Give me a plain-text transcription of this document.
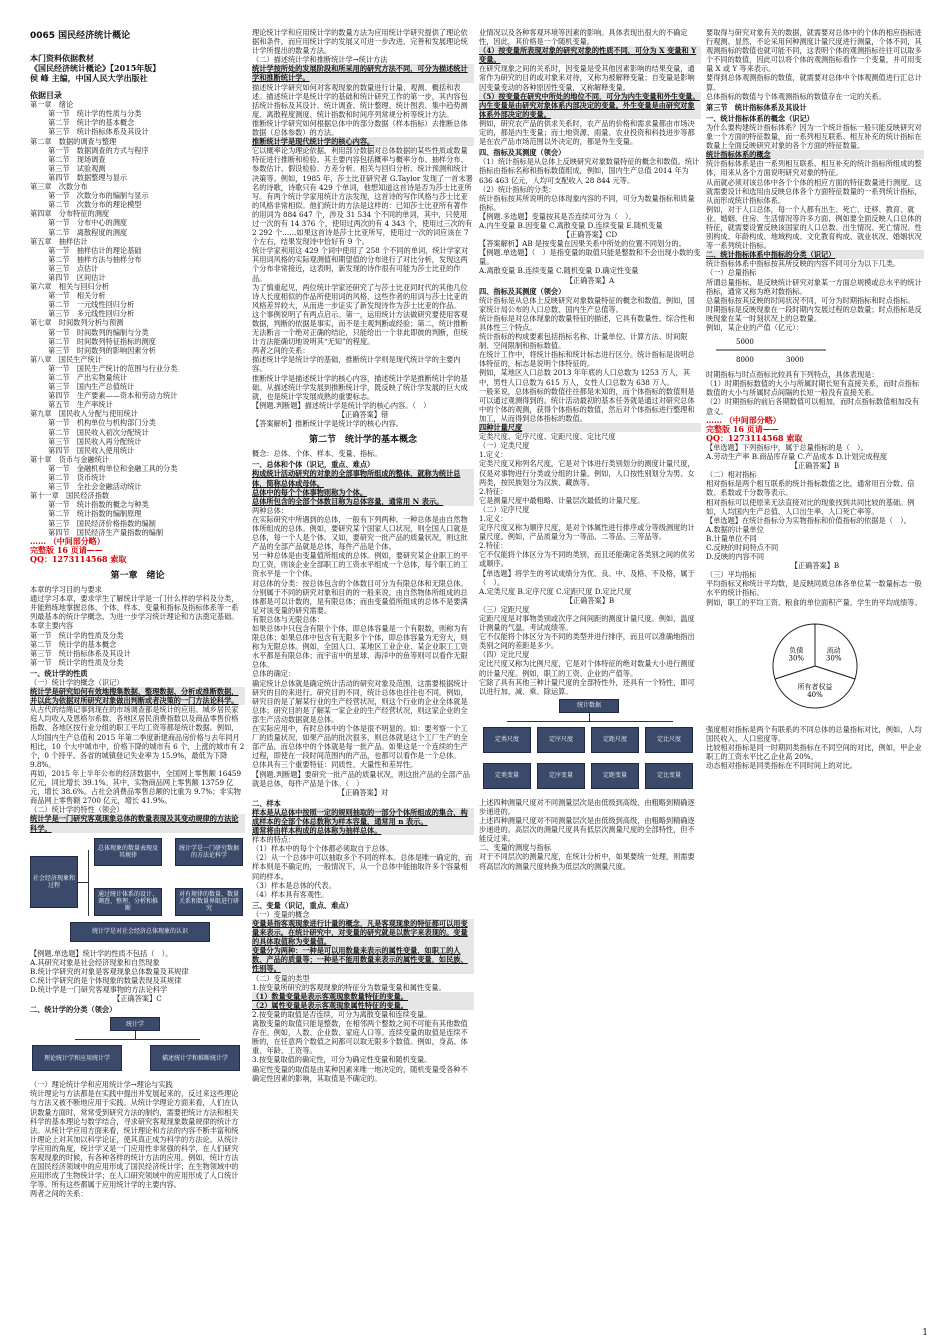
0065 国民经济统计概论
本门资料依据教材
《国民经济统计概论》【2015年版】
侯 峰 主编，中国人民大学出版社
依据目录
第一章　绪论
第一节　统计学的性质与分类
第二节　统计学的基本概念
第三节　统计指标体系及其设计
第二章　数据的调查与整理
第一节　数据调查的方式与程序
第二节　现场调查
第三节　试验观测
第四节　数据整理与显示
第三章　次数分布
第一节　次数分布的编制与显示
第二节　次数分布的理论模型
第四章　分布特征的测度
第一节　分布中心的测度
第二节　离散程度的测度
第五章　抽样估计
第一节　抽样估计的理论基础
第二节　抽样方法与抽样分布
第三节　点估计
第四节　区间估计
第六章　相关与回归分析
第一节　相关分析
第二节　一元线性回归分析
第三节　多元线性回归分析
第七章　时间数列分析与预测
第一节　时间数列的编制与分类
第二节　时间数列特征指标的测度
第三节　时间数列的影响因素分析
第八章　国民生产统计
第一节　国民生产统计的范围与行业分类
第二节　产出实物量统计
第三节　国内生产总值统计
第四节　生产要素——资本和劳动力统计
第五节　生产率统计
第九章　国民收入分配与使用统计
第一节　机构单位与机构部门分类
第二节　国民收入初次分配统计
第三节　国民收入再分配统计
第四节　国民收入使用统计
第十章　货币与金融统计
第一节　金融机构单位和金融工具的分类
第二节　货币统计
第三节　全社会金融活动统计
第十一章　国民经济指数
第一节　统计指数的概念与种类
第二节　统计指数的编制原理
第三节　国民经济价格指数的编制
第四节　国民经济生产量指数的编制
…… （中间部分略）
完整版 16 页请——
QQ：1273114568 索取
第一章　绪论
本章的学习目的与要求
通过学习本章，要求学生了解统计学是一门什么样的学科及分类，并能熟练地掌握总体、个体、样本、变量和指标及指标体系等一系列最基本的统计学概念，为进一步学习统计理论和方法奠定基础。
本章主要内容
第一节　统计学的性质及分类
第二节　统计学的基本概念
第三节　统计指标体系及其设计
第一节　统计学的性质及分类
一、统计学的性质
（一）统计学的概念（识记）
统计学是研究如何有效地搜集数据、整理数据、分析或推断数据，并以此为依据对所研究对象做出判断或者决策的一门方法论科学。

从古代的结绳记事到现在的市场调查都是统计的应用。城乡居民家庭人均收入及恩格尔系数、各地区居民消费指数以及商品零售价格指数、各地区按行业分组的职工平均工资等都是统计数据。例如，人均国内生产总值和 2015 年第二季度新建商品房价格与去年同月相比，10 个大中城市中，价格下降的城市有 6 个，上涨的城市有 2 个，0 个持平。各省的城镇登记失业率为 15.9%，最低为下降 9.8%。

再如，2015 年上半年公布的经济数据中，全国网上零售额 16459 亿元，同比增长 39.1%。其中，实物商品网上零售额 13759 亿元，增长 38.6%。占社会消费品零售总额的比重为 9.7%；非实物商品网上零售额 2700 亿元，增长 41.9%。

（二）统计学的特性（领会）
统计学是一门研究客观现象总体的数量表现及其变动规律的方法论科学。
社会经济现象和过程
总体现象的数量表现及其规律
统计学是一门研究数据的方法论科学
通过统计体系的设计、调查、整理、分析和推断
对有规律的数量、数量关系和数量界限进行研究
统计学是对社会经济总体现象的认识
【例题.单选题】统计学的性质不包括（　）。
A.其研究对象是社会经济现象和自然现象
B.统计学研究的对象是客观现象总体数量及其规律
C.统计学研究的是个体现象的数量表现及其规律
D.统计学是一门研究客观事物的方法论科学
【正确答案】C
二、统计学的分类（领会）
统计学
理论统计学和应用统计学	描述统计学和推断统计学

（一）理论统计学和应用统计学→理论与实践

统计理论与方法都是在实践中提出并发展起来的，反过来这些理论与方法又被不断地应用于实践。从统计学理论方面来看，人们在认识数量方面时，常常受到研究方法的制约，需要把统计方法和相关科学的基本理论与数学结合，寻求研究客观现象数量规律的统计方法。从统计学应用方面来看，统计理论和方法的内容不断丰富和统计理论上对其加以科学论证，使其真正成为科学的方法论。从统计学应用的角度，统计学又是一门应用性非常强的科学，在人们研究客观现象的时候，有各种各样的统计方法的应用。例如，统计方法在国民经济领域中的应用形成了国民经济统计学；在生物领域中的应用形成了生物统计学；在人口研究领域中的应用形成了人口统计学等。所有这些都属于应用统计学的主要内容。

两者之间的关系：

理论统计学和应用统计学的数量方法为应用统计学研究提供了理论依据和条件，而应用统计学的发展又可进一步改进、完善和发展理论统计学所提出的数量方法。

（二）描述统计学和推断统计学→统计方法

统计学按所处的发展阶段和所采用的研究方法不同，可分为描述统计学和推断统计学。

描述统计学研究如何对客观现象的数量进行计量、观测、概括和表述。描述统计学是统计学的基础和统计研究工作的第一步，其内容包括统计指标及其设计、统计调查、统计整理、统计图表、集中趋势测度、离散程度测度、统计指数和时间序列常规分析等统计方法。

推断统计学研究如何根据总体中的部分数据（样本指标）去推断总体数据（总体参数）的方法。

推断统计学是现代统计学的核心内容。

它以概率论为理论依据，利用部分数据对总体数据的某些性质或数量特征进行推断和检验。其主要内容包括概率与概率分布、抽样分布、参数估计、假设检验、方差分析、相关与回归分析、统计预测和统计决策等。例如，1985 年，莎士比亚研究者 G.Taylor 发现了一首未署名的诗歌，诗歌只有 429 个单词，他想知道这首诗是否为莎士比亚所写。有两个统计学家用统计方法发现，这首诗的写作风格与莎士比亚的风格非常相似。他们统计的方法是这样的：已知莎士比亚所有著作的用词为 884 647 个，涉及 31 534 个不同的单词，其中，只使用过一次的有 14 376 个，使用过两次的有 4 343 个，使用过三次的有 2 292 个……如果这首诗是莎士比亚所写，使用过一次的词应该在 7 个左右，结果发现诗中恰好有 9 个。

统计学家利用这 429 个词中使用了 258 个不同的单词，统计学家对其用词风格的实际观测值和期望值的分布进行了对比分析，发现这两个分布非常接近，这表明，新发现的诗作很有可能为莎士比亚的作品。

为了慎重起见，两位统计学家还研究了与莎士比亚同时代的其他几位诗人长度相似的作品所使用词的风格，这些作者的用词与莎士比亚的风格差异较大，从而进一步证实了新发现诗作为莎士比亚的作品。

这个事例说明了有两点启示。第一，运用统计方法做研究要使用客观数据，判断的依据是事实，而不是主观判断或经验；第二，统计推断无法断言一个绝对正确的结论，只能给出一个非此即彼的判断，但统计方法能确切地说明其“无知”的程度。

两者之间的关系：

描述统计学是统计学的基础，推断统计学则是现代统计学的主要内容。

推断统计学是描述统计学的核心内容，描述统计学是推断统计学的基础。从描述统计学发展到推断统计学，既反映了统计学发展的巨大成就，也是统计学发展成熟的重要标志。

【例题.判断题】描述统计学是统计学的核心内容。（　）

【正确答案】错

【答案解析】推断统计学是统计学的核心内容。

第二节　统计学的基本概念

概念：总体、个体、样本、变量、指标。

一、总体和个体（识记，重点、难点）
构成统计活动研究的对象的全部事物所组成的整体，就称为统计总体，简称总体或母体。
总体中的每个个体事物则称为个体。
总体所包含的全部个体数目称为总体容量，通常用 N 表示。

两种总体：

在实际研究中所遇到的总体，一般有下列两种。一种总体是由自然物体所组成的总体。例如，要研究某个国家人口状况，则全国人口就是总体，每一个人是个体。又如，要研究一批产品的质量状况，则这批产品的全部产品就是总体，每件产品是个体。

另一种总体是由变量值所组成的总体。例如，要研究某企业职工的平均工资，则该企业全部职工的工资水平组成一个总体，每个职工的工资水平是一个个体。

对总体的分类：按总体包含的个体数目可分为有限总体和无限总体。分别属于不同的研究对象和目的的一般来说，由自然物体所组成的总体都是可以计数的，是有限总体；而由变量值所组成的总体不是要满足对该变量的研究需要。

有限总体与无限总体：

如果总体中只包含有限个个体，即总体容量是一个有限数，则称为有限总体；如果总体中包含有无限多个个体，即总体容量为无穷大，则称为无限总体。例如，全国人口、某地区工业企业、某企业职工工资水平都是有限总体；而宇宙中的星球、海洋中的鱼等则可以看作无限总体。

总体的确定：

确定统计总体就是确定统计活动的研究对象及范围，这需要根据统计研究的目的来进行。研究目的不同，统计总体也往往也不同。例如，研究目的是了解某行业的生产经营状况，则这个行业的企业全体就是总体；研究目的是了解某一家企业的生产经营状况，则这家企业的全部生产活动数据就是总体。

在实际应用中，有时总体中的个体是很不明显的。如：要考察一个工厂的质量状况，如果产品的批次很多，则总体就是这个工厂生产的全部产品，而总体中的个体就是每一批产品。如果这是一个连续的生产过程，即使在一段时间范围内的产品，也都可以看作是一个总体。

总体具有三个重要特征：同质性、大量性和差异性。

【例题.判断题】要研究一批产品的质量状况，则这批产品的全部产品就是总体，每件产品是个体。（　）

【正确答案】对

二、样本
样本是从总体中按照一定的规则抽取的一部分个体所组成的集合，构成样本的全部个体总数称为样本容量，通常用 n 表示。
通常将由样本构成的总体称为抽样总体。

样本的特点：

（1）样本中的每个个体都必须取自于总体。

（2）从一个总体中可以抽取多个不同的样本。总体是唯一确定的，而样本则是不确定的，一般情况下，从一个总体中能抽取许多个容量相同的样本。

（3）样本是总体的代表。

（4）样本具有客观性。

三、变量（识记，重点、难点）

（一）变量的概念

变量是指客观现象进行计量的概念，凡是客观现象的特征都可以用变量来表示。在统计研究中，对变量的研究就是以数字来表现的。变量的具体取值称为变量值。
变量分为两种：一种是可以用数量来表示的属性变量，如职工的人数、产品的质量等；一种是不能用数量来表示的属性变量，如民族、性别等。

（二）变量的类型

1.按变量所研究的客观现象的特征分为数量变量和属性变量。

（1）数量变量是表示客观现象数量特征的变量。
（2）属性变量是表示客观现象属性特征的变量。

2.按变量的取值是否连续，可分为离散变量和连续变量。

离散变量的取值只能是整数，在相邻两个整数之间不可能有其他数值存在。例如，人数、企业数、家庭人口等。连续变量的取值是连续不断的，在任意两个数值之间都可以取无限多个数值。例如，身高、体重、年龄、工资等。

3.按变量取值的确定性，可分为确定性变量和随机变量。

确定性变量的取值是由某种因素来唯一地决定的，随机变量受各种不确定性因素的影响，其取值是不确定的。

业情况以及各种客观环境等因素的影响。具体表现出很大的不确定性，因此，其价格是一个随机变量。

（4）按变量所表现对象的研究对象的性质不同，可分为 X 变量和 Y 变量。

在研究现象之间的关系时，因变量是受其他因素影响的结果变量，通常作为研究的目的或对象来对待，又称为被解释变量；自变量是影响因变量变动的各种原因性变量，又称解释变量。

（5）按变量在研究中所处的地位不同，可分为内生变量和外生变量。
内生变量是由研究对象体系内部决定的变量。外生变量是由研究对象体系外部决定的变量。

例如，研究农产品的供求关系时，农产品的价格和需求量都由市场决定的，都是内生变量；而土地资源、雨量、农业投资和科技进步等都是在农产品市场范围以外决定的，都是外生变量。

四、指标及其测度（领会）

（1）统计指标是从总体上反映研究对象数量特征的概念和数值。统计指标由指标名称和指标数值组成，例如，国内生产总值 2014 年为 636 463 亿元，人均可支配收入 28 844 元等。

（2）统计指标的分类：

统计指标按其所说明的总体现象内容的不同，可分为数量指标和质量指标。

【例题.多选题】变量按其是否连续可分为（　）。

A.内生变量 B.因变量 C.离散变量 D.连续变量 E.随机变量

【正确答案】CD

【答案解析】AB 是按变量在因果关系中所处的位置不同划分的。

【例题.单选题】（　）是指变量的取值只能是整数和不会出现小数的变量。

A.离散变量 B.连续变量 C.随机变量 D.确定性变量

【正确答案】A

四、指标及其测度（领会）

统计指标是从总体上反映研究对象数量特征的概念和数值。例如，国家统计局公布的人口总数、国内生产总值等。

统计指标是对总体现象的数量特征的描述，它具有数量性、综合性和具体性三个特点。

统计指标的构成要素包括指标名称、计量单位、计算方法、时间限制、空间限制和指标数值。

在统计工作中，将统计指标和统计标志进行区分。统计指标是说明总体特征的，标志是说明个体特征的。

例如，某地区人口总数 2013 年年底的人口总数为 1253 万人，其中，男性人口总数为 615 万人，女性人口总数为 638 万人。

一般来说，总体指标的数值往往都是未知的，而个体指标的数值则是可以通过观测得到的。统计活动最初的基本任务就是通过对研究总体中的个体的观测，获得个体指标的数值，然后对个体指标进行整理和加工，从而得到总体指标的数值。

四种计量尺度

定类尺度、定序尺度、定距尺度、定比尺度

（一）定类尺度

1.定义：

定类尺度又称列名尺度，它是对个体进行类别划分的测度计量尺度，仅是对事物进行分类或分组的计量。例如，人口按性别划分为男、女两类，按民族划分为汉族、藏族等。

2.特征：

它是测量尺度中最粗略、计量层次最低的计量尺度。

（二）定序尺度

1.定义：

定序尺度又称为顺序尺度，是对个体属性进行排序或分等级测度的计量尺度。例如，产品质量分为一等品、二等品、三等品等。

2.特征：

它不仅能将个体区分为不同的类别，而且还能确定各类别之间的优劣或顺序。

【单选题】将学生的考试成绩分为优、良、中、及格、不及格，属于（　）。

A.定类尺度 B.定序尺度 C.定距尺度 D.定比尺度

【正确答案】B

（三）定距尺度

定距尺度是对事物类别或次序之间间距的测度计量尺度。例如，温度计测量的气温、考试成绩等。

它不仅能将个体区分为不同的类型并进行排序，而且可以准确地指出类别之间的差距是多少。

（四）定比尺度

定比尺度又称为比例尺度，它是对个体特征的绝对数量大小进行测度的计量尺度。例如，职工的工资、企业的产值等。

它除了具有其他三种计量尺度的全部特性外，还具有一个特性，即可以进行加、减、乘、除运算。

统计数据
定类尺度	定序尺度	定距尺度	定比尺度
定类变量	定序变量	定距变量	定比变量

上述四种测量尺度对不同测量层次是由低级到高级、由粗略到精确逐步递进的。

上述四种测量尺度对不同测量层次是由低级到高级，由粗略到精确逐步递进的。高层次的测量尺度具有低层次测量尺度的全部特性，但不能反过来。

二、变量的测度与指标

对于不同层次的测量尺度，在统计分析中，如果要统一处理，则需要将高层次的测量尺度转换为低层次的测量尺度。

要取得与研究对象有关的数据，就需要对总体中的个体的相应指标进行观测。显然，不论采用何种测度计量尺度进行测量，个体不同，其观测指标的数值也就可能不同，这表明个体的观测指标往往可以取多个不同的数值，因此可以将个体的观测指标看作一个变量，并可用变量 X 或 Y 等来表示。

要得到总体观测指标的数值，就需要对总体中个体观测值进行汇总计算。

总体指标的数值与个体观测指标的数值存在一定的关系。

第三节　统计指标体系及其设计
一、统计指标体系的概念（识记）

为什么要构建统计指标体系？因为一个统计指标一般只能反映研究对象一个方面的特征数量，而一系列相互联系、相互补充的统计指标在数量上全面反映研究对象的各个方面的特征数量。

统计指标体系的概念

统计指标体系是由一系列相互联系、相互补充的统计指标所组成的整体，用来从各个方面说明研究对象的特征。

从而就必须对该总体中各个个体的相应方面的特征数量进行测度。这就需要设计和选用由反映总体各个方面特征数量的一系列统计指标，从而形成统计指标体系。

例如，对于人口总体，每一个人都有出生、死亡、迁移、教育、就业、婚姻、住房、生活情况等许多方面，例如要全面反映人口总体的特征，就需要设置反映该国家的人口总数、出生情况、死亡情况、性别构成、年龄构成、地域构成、文化教育构成、就业状况、婚姻状况等一系列统计指标。

二、统计指标体系中指标的分类（识记）

统计指标体系中指标按其所反映的内容不同可分为以下几类。

（一）总量指标

所谓总量指标，是反映统计研究对象某一方面总规模或总水平的统计指标，通常又称为绝对数指标。

总量指标按其反映的时间状况不同，可分为时期指标和时点指标。

时期指标是反映现象在一段时期内发展过程的总数量；时点指标是反映现象在某一时刻状况上的总数量。

例如，某企业的产值（亿元）：

5000
8000	3000

时期指标与时点指标比较具有下列特点，具体表现是：

（1）时期指标数值的大小与所属时期长短有直接关系，而时点指标数值的大小与所属时点间隔的长短一般没有直接关系。

（2）时期指标的前后各期数值可以相加，而时点指标数值相加没有意义。

…… （中间部分略）
完整版 16 页请——
QQ：1273114568 索取

【单选题】下列指标中，属于总量指标的是（　）。

A.劳动生产率 B.商品库存量 C.产品成本 D.计划完成程度

【正确答案】B

（二）相对指标

相对指标是两个相互联系的统计指标数值之比，通常用百分数、倍数、系数或千分数等表示。

相对指标可以使原来无法直接对比的现象找到共同比较的基础。例如，人均国内生产总值、人口出生率、人口死亡率等。

【单选题】在统计指标分为实物指标和价值指标的依据是（　）。

A.数据的计量单位

B.计量单位不同

C.反映的时间特点不同

D.反映的内容不同

【正确答案】B

（三）平均指标

平均指标又称统计平均数，是反映同质总体各单位某一数量标志一般水平的统计指标。

例如，职工的平均工资、粮食的单位面积产量、学生的平均成绩等。

流动
30%
所有者权益
40%
负债
30%

强度相对指标是两个有联系的不同总体的总量指标对比，例如，人均国民收入、人口密度等。

比较相对指标是同一时期同类指标在不同空间的对比，例如，甲企业职工的工资水平比乙企业高 20%。

动态相对指标是同类指标在不同时间上的对比。

1
